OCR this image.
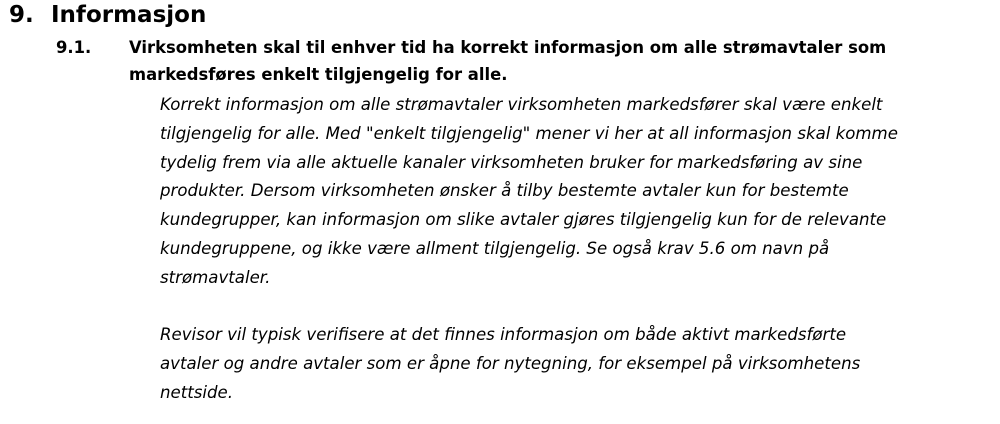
9. Informasjon
9.1. Virksomheten skal til enhver tid ha korrekt informasjon om alle strømavtaler som
markedsføres enkelt tilgjengelig for alle.
Korrekt informasjon om alle strømavtaler virksomheten markedsfører skal være enkelt
tilgjengelig for alle. Med "enkelt tilgjengelig" mener vi her at all informasjon skal komme
tydelig frem via alle aktuelle kanaler virksomheten bruker for markedsføring av sine
produkter. Dersom virksomheten ønsker å tilby bestemte avtaler kun for bestemte
kundegrupper, kan informasjon om slike avtaler gjøres tilgjengelig kun for de relevante
kundegruppene, og ikke være allment tilgjengelig. Se også krav 5.6 om navn på
strømavtaler.
Revisor vil typisk verifisere at det finnes informasjon om både aktivt markedsførte
avtaler og andre avtaler som er åpne for nytegning, for eksempel på virksomhetens
nettside.
